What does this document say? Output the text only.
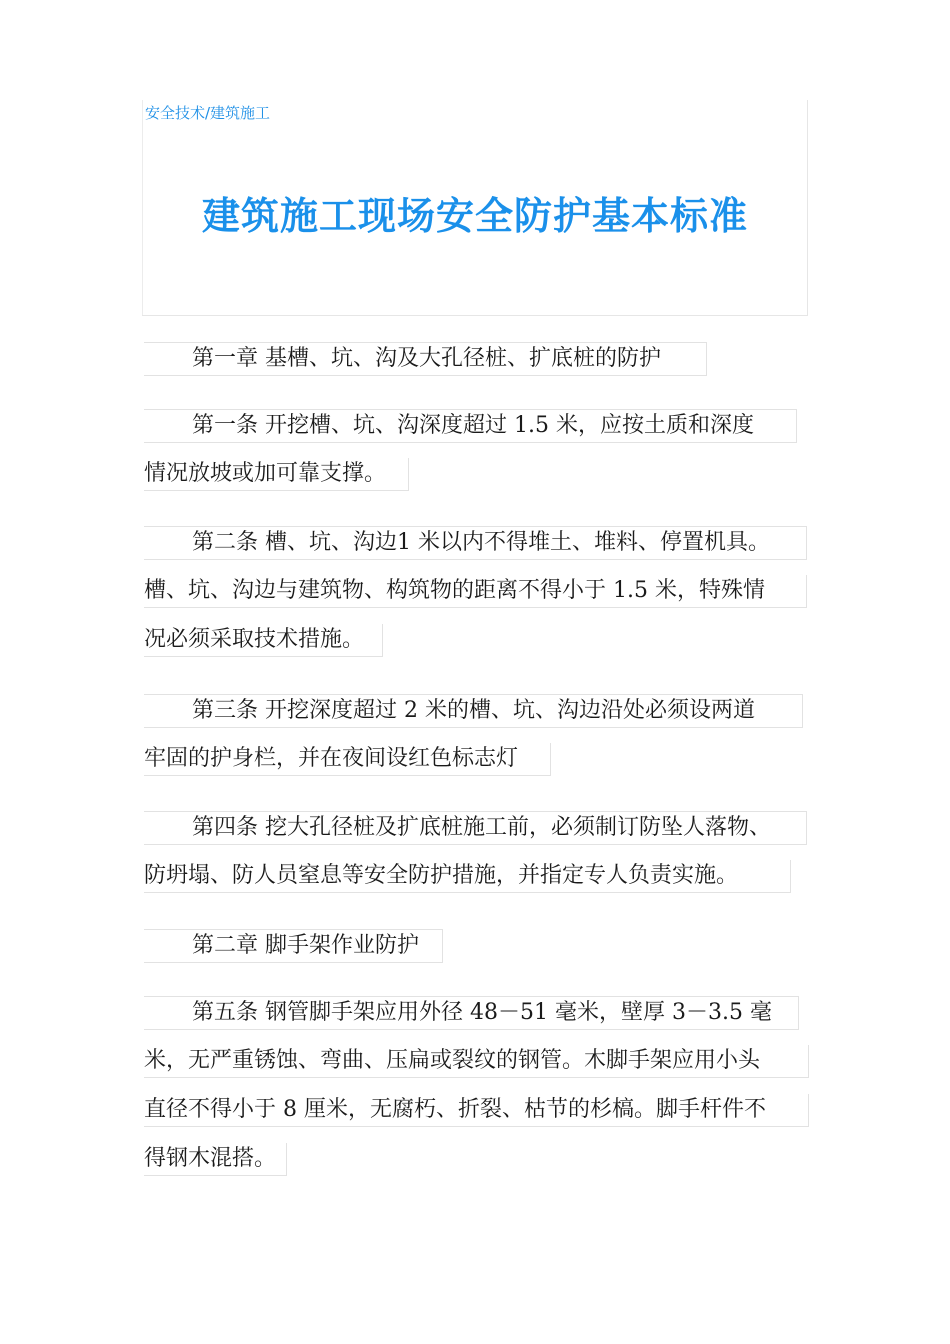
安全技术/建筑施工
建筑施工现场安全防护基本标准
第一章 基槽、坑、沟及大孔径桩、扩底桩的防护
第一条 开挖槽、坑、沟深度超过 1.5 米，应按土质和深度
情况放坡或加可靠支撑。
第二条 槽、坑、沟边1 米以内不得堆土、堆料、停置机具。
槽、坑、沟边与建筑物、构筑物的距离不得小于 1.5 米，特殊情
况必须采取技术措施。
第三条 开挖深度超过 2 米的槽、坑、沟边沿处必须设两道
牢固的护身栏，并在夜间设红色标志灯
第四条 挖大孔径桩及扩底桩施工前，必须制订防坠人落物、
防坍塌、防人员窒息等安全防护措施，并指定专人负责实施。
第二章 脚手架作业防护
第五条 钢管脚手架应用外径 48－51 毫米，壁厚 3－3.5 毫
米，无严重锈蚀、弯曲、压扁或裂纹的钢管。木脚手架应用小头
直径不得小于 8 厘米，无腐朽、折裂、枯节的杉槁。脚手杆件不
得钢木混搭。
